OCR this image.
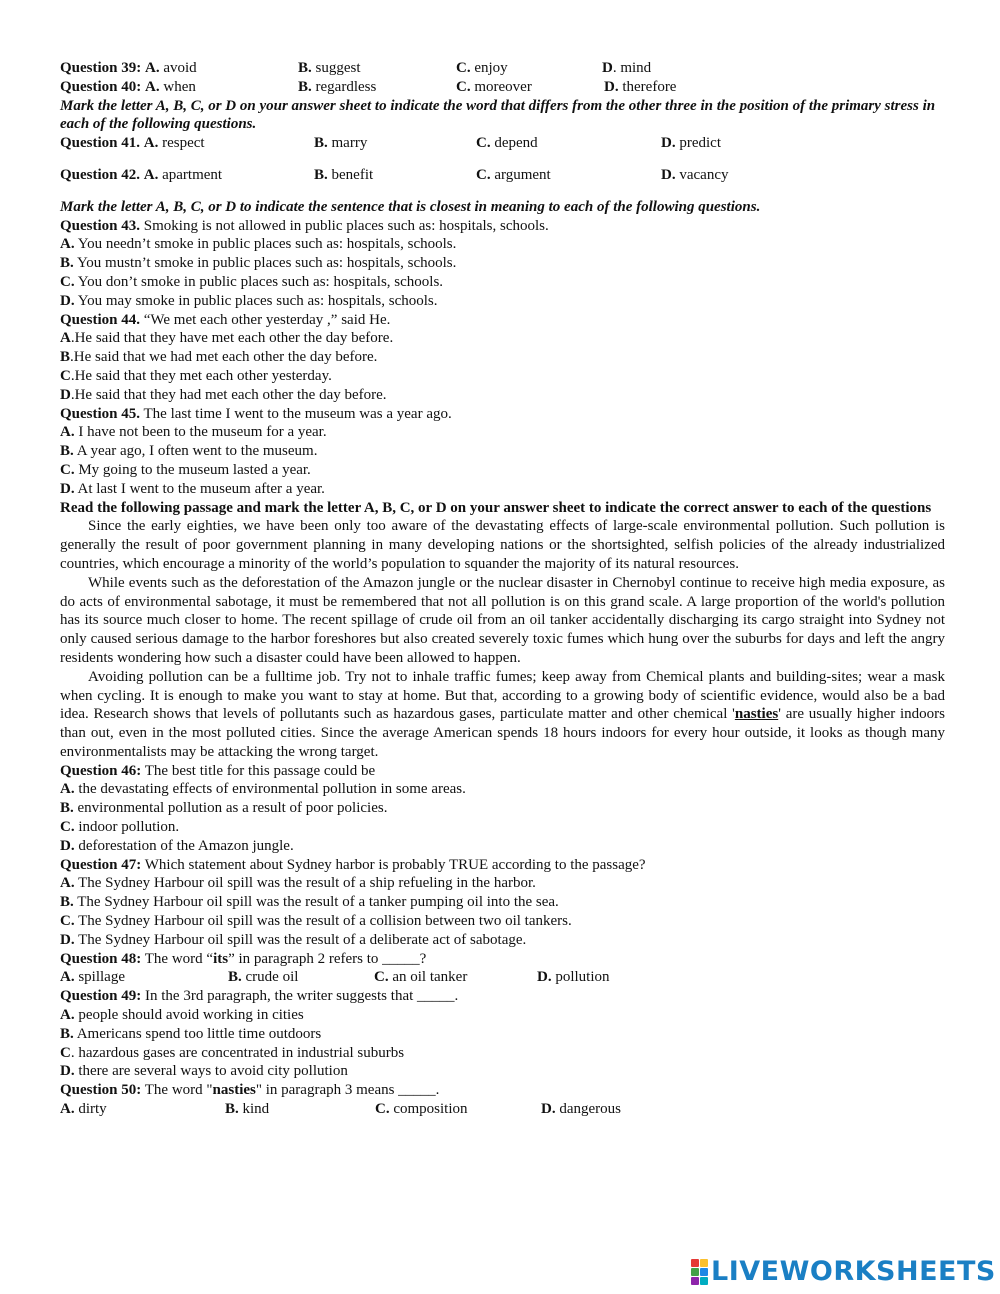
Question 39: A. avoid	B. suggest	C. enjoy	D. mind
Question 40: A. when	B. regardless	C. moreover	D. therefore
Mark the letter A, B, C, or D on your answer sheet to indicate the word that differs from the other three in the position of the primary stress in each of the following questions.
Question 41. A. respect	B. marry	C. depend	D. predict
Question 42. A. apartment	B. benefit	C. argument	D. vacancy
Mark the letter A, B, C, or D to indicate the sentence that is closest in meaning to each of the following questions.
Question 43. Smoking is not allowed in public places such as: hospitals, schools.
A. You needn’t smoke in public places such as: hospitals, schools.
B. You mustn’t smoke in public places such as: hospitals, schools.
C. You don’t smoke in public places such as: hospitals, schools.
D. You may smoke in public places such as: hospitals, schools.
Question 44. “We met each other yesterday ,” said He.
A.He said that they have met each other the day before.
B.He said that we had met each other the day before.
C.He said that they met each other yesterday.
D.He said that they had met each other the day before.
Question 45. The last time I went to the museum was a year ago.
A. I have not been to the museum for a year.
B. A year ago, I often went to the museum.
C. My going to the museum lasted a year.
D. At last I went to the museum after a year.
Read the following passage and mark the letter A, B, C, or D on your answer sheet to indicate the correct answer to each of the questions
Since the early eighties, we have been only too aware of the devastating effects of large-scale environmental pollution. Such pollution is generally the result of poor government planning in many developing nations or the shortsighted, selfish policies of the already industrialized countries, which encourage a minority of the world’s population to squander the majority of its natural resources.
While events such as the deforestation of the Amazon jungle or the nuclear disaster in Chernobyl continue to receive high media exposure, as do acts of environmental sabotage, it must be remembered that not all pollution is on this grand scale. A large proportion of the world's pollution has its source much closer to home. The recent spillage of crude oil from an oil tanker accidentally discharging its cargo straight into Sydney not only caused serious damage to the harbor foreshores but also created severely toxic fumes which hung over the suburbs for days and left the angry residents wondering how such a disaster could have been allowed to happen.
Avoiding pollution can be a fulltime job. Try not to inhale traffic fumes; keep away from Chemical plants and building-sites; wear a mask when cycling. It is enough to make you want to stay at home. But that, according to a growing body of scientific evidence, would also be a bad idea. Research shows that levels of pollutants such as hazardous gases, particulate matter and other chemical 'nasties' are usually higher indoors than out, even in the most polluted cities. Since the average American spends 18 hours indoors for every hour outside, it looks as though many environmentalists may be attacking the wrong target.
Question 46: The best title for this passage could be
A. the devastating effects of environmental pollution in some areas.
B. environmental pollution as a result of poor policies.
C. indoor pollution.
D. deforestation of the Amazon jungle.
Question 47: Which statement about Sydney harbor is probably TRUE according to the passage?
A. The Sydney Harbour oil spill was the result of a ship refueling in the harbor.
B. The Sydney Harbour oil spill was the result of a tanker pumping oil into the sea.
C. The Sydney Harbour oil spill was the result of a collision between two oil tankers.
D. The Sydney Harbour oil spill was the result of a deliberate act of sabotage.
Question 48: The word “its” in paragraph 2 refers to _____?
A. spillage	B. crude oil	C. an oil tanker	D. pollution
Question 49: In the 3rd paragraph, the writer suggests that _____.
A. people should avoid working in cities
B. Americans spend too little time outdoors
C. hazardous gases are concentrated in industrial suburbs
D. there are several ways to avoid city pollution
Question 50: The word "nasties" in paragraph 3 means _____.
A. dirty	B. kind	C. composition	D. dangerous
LIVEWORKSHEETS
